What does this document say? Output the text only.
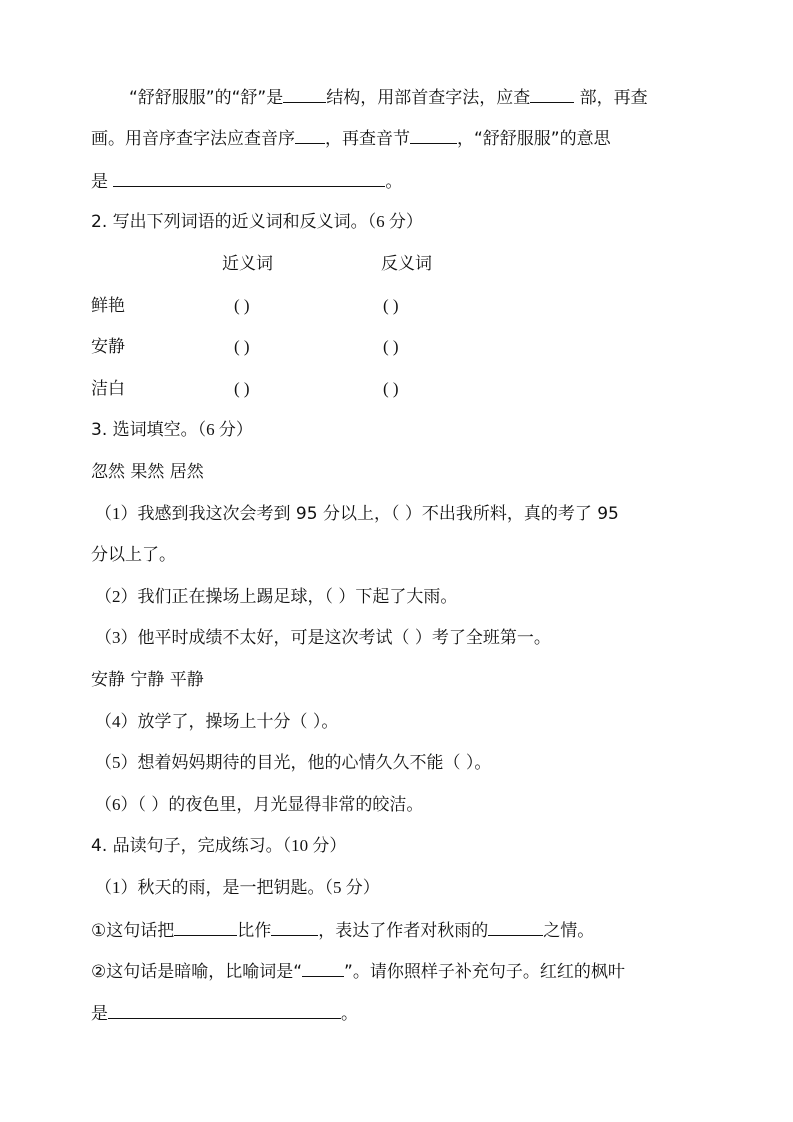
“舒舒服服”的“舒”是	结构，用部首查字法，应查	部，再查
画。用音序查字法应查音序 ，再查音节	，“舒舒服服”的意思
是	。
2. 写出下列词语的近义词和反义词。（6 分）
近义词	反义词
鲜艳	( )	( )
安静	( )	( )
洁白	( )	( )
3. 选词填空。（6 分）
忽然 果然 居然
（1）我感到我这次会考到 95 分以上，（ ）不出我所料，真的考了 95
分以上了。
（2）我们正在操场上踢足球，（ ）下起了大雨。
（3）他平时成绩不太好，可是这次考试（ ）考了全班第一。
安静 宁静 平静
（4）放学了，操场上十分（ ）。
（5）想着妈妈期待的目光，他的心情久久不能（ ）。
（6）（ ）的夜色里，月光显得非常的皎洁。
4. 品读句子，完成练习。（10 分）
（1）秋天的雨，是一把钥匙。（5 分）
①这句话把	比作	，表达了作者对秋雨的	之情。
②这句话是暗喻，比喻词是“ ”。请你照样子补充句子。红红的枫叶
是	。
